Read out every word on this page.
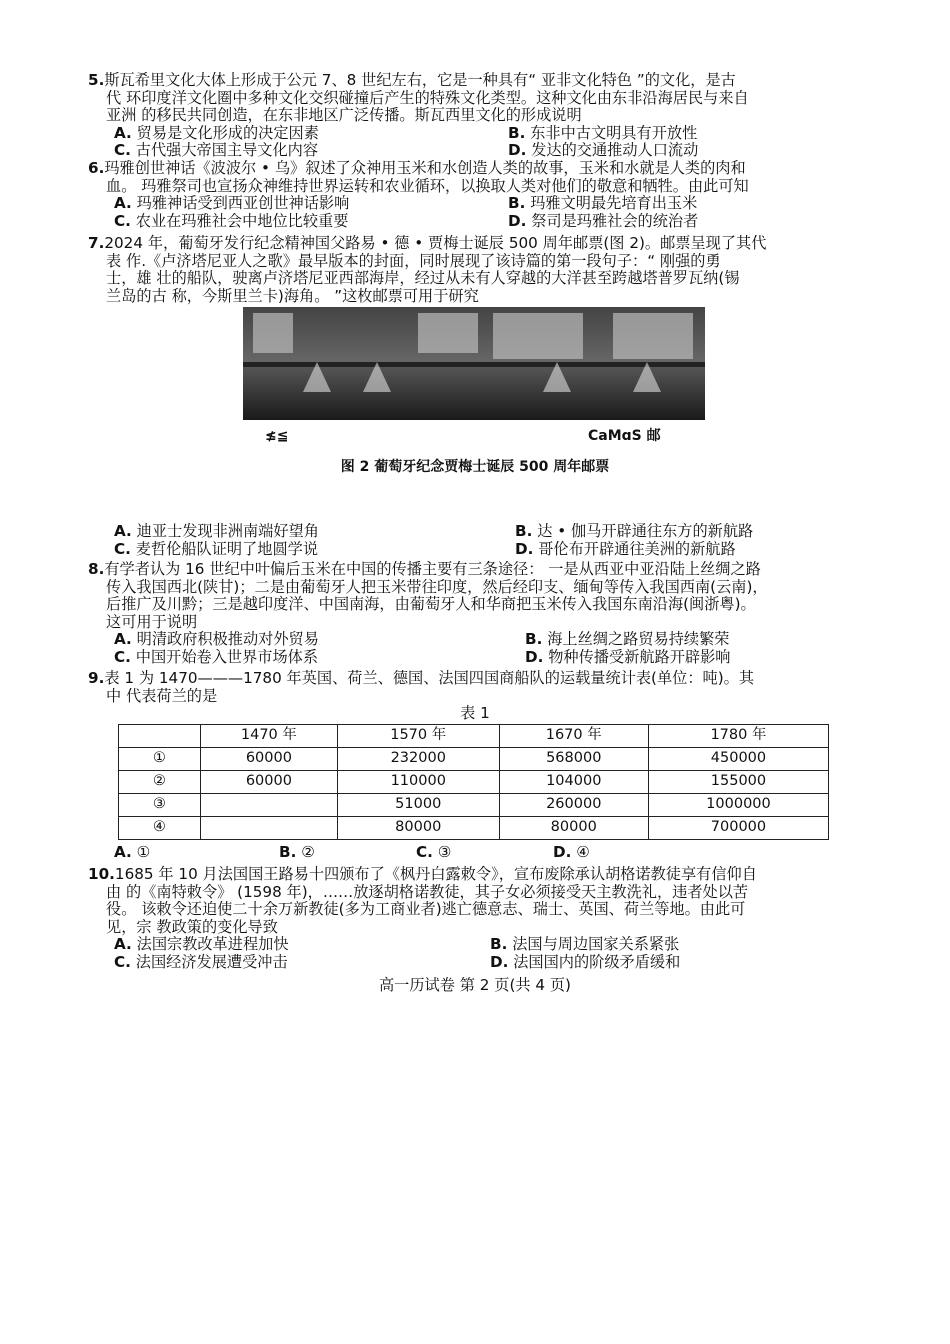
5.斯瓦希里文化大体上形成于公元 7、8 世纪左右，它是一种具有“ 亚非文化特色 ”的文化，是古

代 环印度洋文化圈中多种文化交织碰撞后产生的特殊文化类型。这种文化由东非沿海居民与来自

亚洲 的移民共同创造，在东非地区广泛传播。斯瓦西里文化的形成说明

A. 贸易是文化形成的决定因素	B. 东非中古文明具有开放性
C. 古代强大帝国主导文化内容	D. 发达的交通推动人口流动

6.玛雅创世神话《波波尔 • 乌》叙述了众神用玉米和水创造人类的故事，玉米和水就是人类的肉和

血。 玛雅祭司也宣扬众神维持世界运转和农业循环，以换取人类对他们的敬意和牺牲。由此可知

A. 玛雅神话受到西亚创世神话影响	B. 玛雅文明最先培育出玉米
C. 农业在玛雅社会中地位比较重要	D. 祭司是玛雅社会的统治者

7.2024 年，葡萄牙发行纪念精神国父路易 • 德 • 贾梅士诞辰 500 周年邮票(图 2)。邮票呈现了其代

表 作.《卢济塔尼亚人之歌》最早版本的封面，同时展现了该诗篇的第一段句子：“ 刚强的勇

士，雄 壮的船队，驶离卢济塔尼亚西部海岸，经过从未有人穿越的大洋甚至跨越塔普罗瓦纳(锡

兰岛的古 称，今斯里兰卡)海角。 ”这枚邮票可用于研究

≰≦	CaMɑS 邮
图 2 葡萄牙纪念贾梅士诞辰 500 周年邮票
A. 迪亚士发现非洲南端好望角	B. 达 • 伽马开辟通往东方的新航路
C. 麦哲伦船队证明了地圆学说	D. 哥伦布开辟通往美洲的新航路

8.有学者认为 16 世纪中叶偏后玉米在中国的传播主要有三条途径： 一是从西亚中亚沿陆上丝绸之路

传入我国西北(陕甘)；二是由葡萄牙人把玉米带往印度，然后经印支、缅甸等传入我国西南(云南)，

后推广及川黔；三是越印度洋、中国南海，由葡萄牙人和华商把玉米传入我国东南沿海(闽浙粤)。

这可用于说明

A. 明清政府积极推动对外贸易	B. 海上丝绸之路贸易持续繁荣
C. 中国开始卷入世界市场体系	D. 物种传播受新航路开辟影响

9.表 1 为 1470———1780 年英国、荷兰、德国、法国四国商船队的运载量统计表(单位：吨)。其

中 代表荷兰的是

表 1
	1470 年	1570 年	1670 年	1780 年
①	60000	232000	568000	450000
②	60000	110000	104000	155000
③		51000	260000	1000000
④		80000	80000	700000
A. ①	B. ②	C. ③	D. ④

10.1685 年 10 月法国国王路易十四颁布了《枫丹白露敕令》，宣布废除承认胡格诺教徒享有信仰自

由 的《南特敕令》 (1598 年)，……放逐胡格诺教徒，其子女必须接受天主教洗礼，违者处以苦

役。 该敕令还迫使二十余万新教徒(多为工商业者)逃亡德意志、瑞士、英国、荷兰等地。由此可

见，宗 教政策的变化导致

A. 法国宗教改革进程加快	B. 法国与周边国家关系紧张
C. 法国经济发展遭受冲击	D. 法国国内的阶级矛盾缓和
高一历试卷 第 2 页(共 4 页)
